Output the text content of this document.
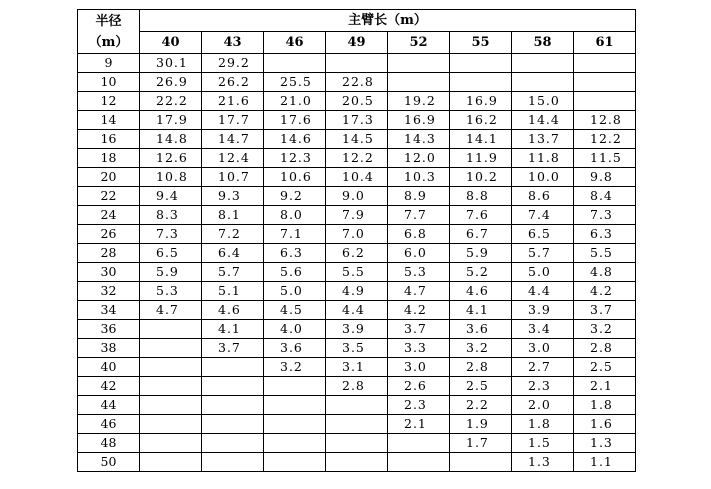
半径	主臂长（m）							
（m）	40	43	46	49	52	55	58	61
9	30.1	29.2						
10	26.9	26.2	25.5	22.8				
12	22.2	21.6	21.0	20.5	19.2	16.9	15.0	
14	17.9	17.7	17.6	17.3	16.9	16.2	14.4	12.8
16	14.8	14.7	14.6	14.5	14.3	14.1	13.7	12.2
18	12.6	12.4	12.3	12.2	12.0	11.9	11.8	11.5
20	10.8	10.7	10.6	10.4	10.3	10.2	10.0	9.8
22	9.4	9.3	9.2	9.0	8.9	8.8	8.6	8.4
24	8.3	8.1	8.0	7.9	7.7	7.6	7.4	7.3
26	7.3	7.2	7.1	7.0	6.8	6.7	6.5	6.3
28	6.5	6.4	6.3	6.2	6.0	5.9	5.7	5.5
30	5.9	5.7	5.6	5.5	5.3	5.2	5.0	4.8
32	5.3	5.1	5.0	4.9	4.7	4.6	4.4	4.2
34	4.7	4.6	4.5	4.4	4.2	4.1	3.9	3.7
36		4.1	4.0	3.9	3.7	3.6	3.4	3.2
38		3.7	3.6	3.5	3.3	3.2	3.0	2.8
40			3.2	3.1	3.0	2.8	2.7	2.5
42				2.8	2.6	2.5	2.3	2.1
44					2.3	2.2	2.0	1.8
46					2.1	1.9	1.8	1.6
48						1.7	1.5	1.3
50							1.3	1.1
